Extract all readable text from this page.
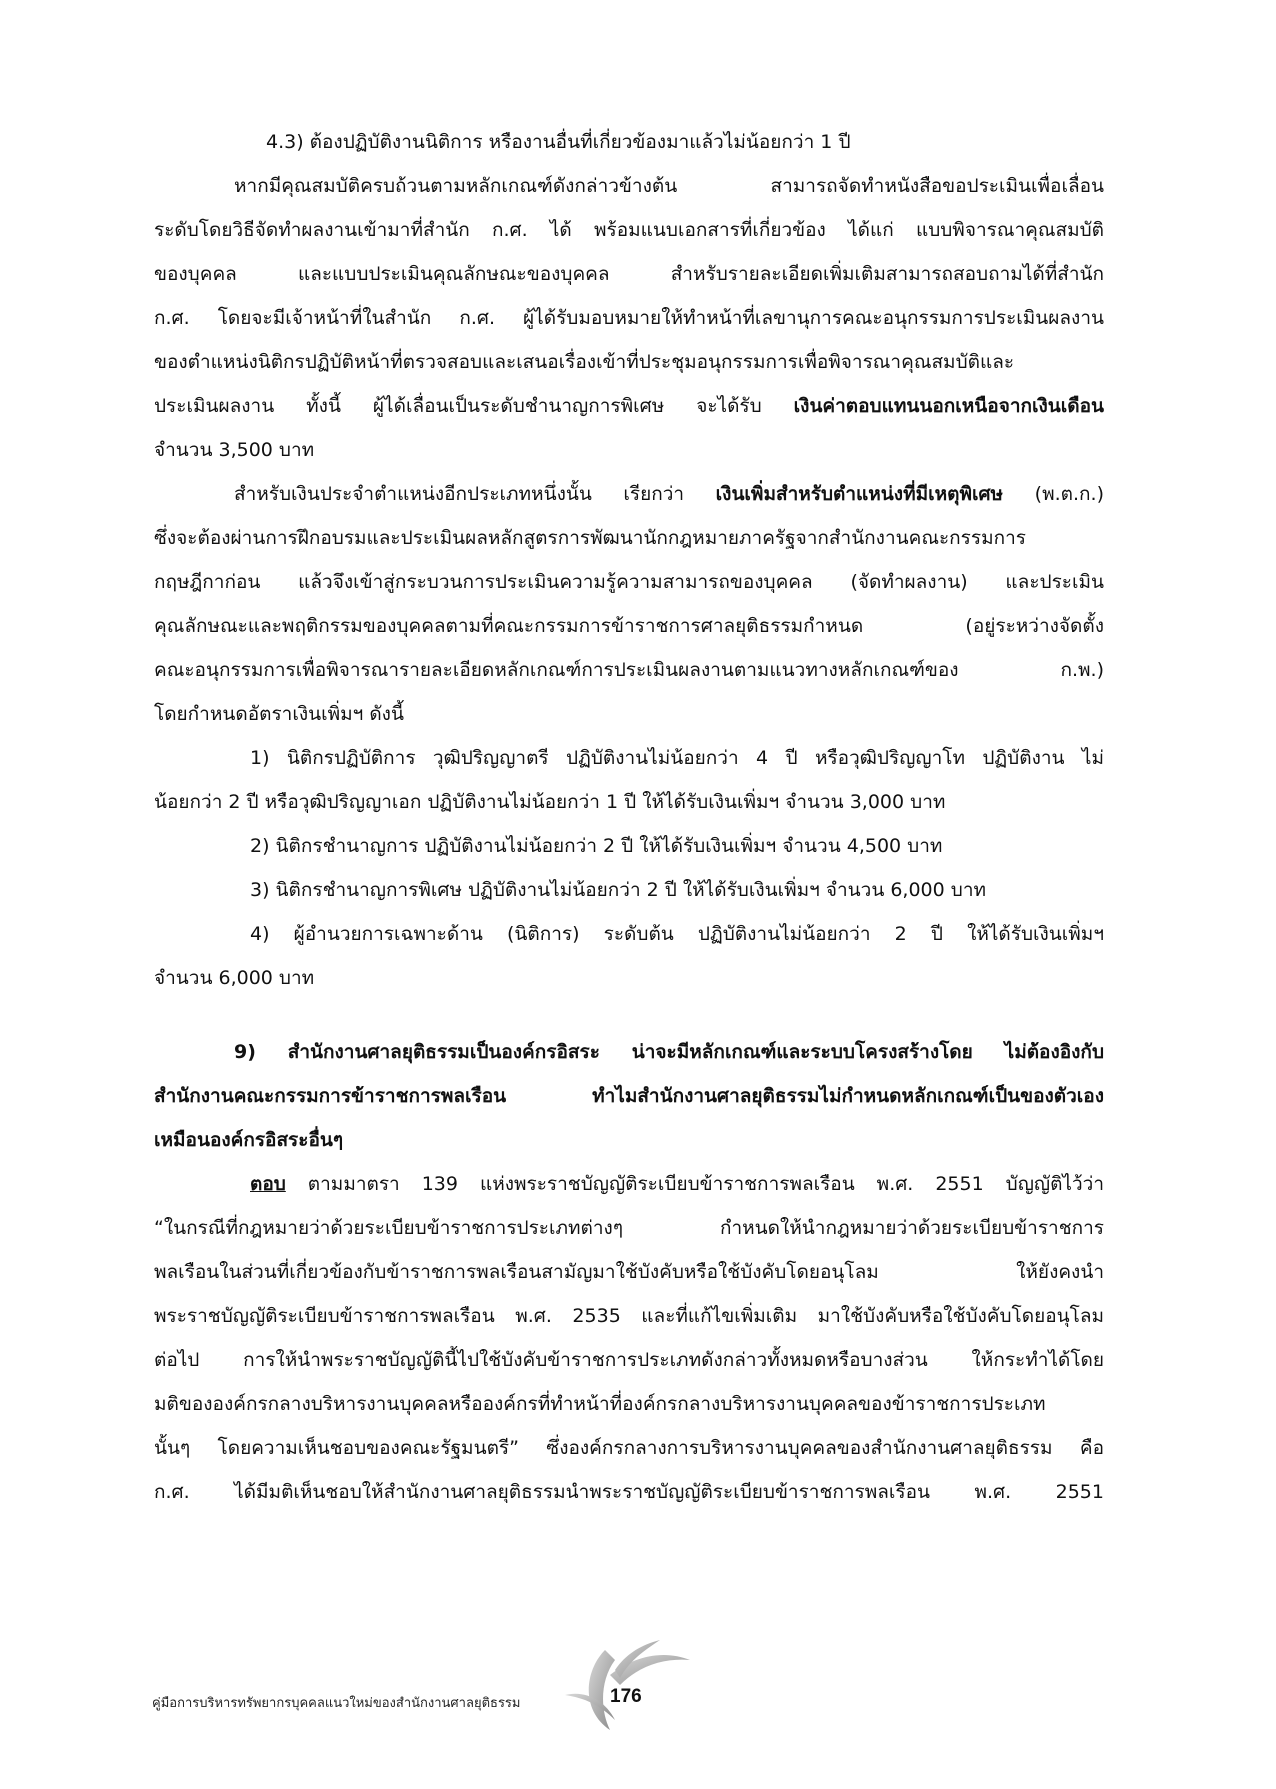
4.3) ต้องปฏิบัติงานนิติการ หรืองานอื่นที่เกี่ยวข้องมาแล้วไม่น้อยกว่า 1 ปี
หากมีคุณสมบัติครบถ้วนตามหลักเกณฑ์ดังกล่าวข้างต้น สามารถจัดทำหนังสือขอประเมินเพื่อเลื่อน
ระดับโดยวิธีจัดทำผลงานเข้ามาที่สำนัก ก.ศ. ได้ พร้อมแนบเอกสารที่เกี่ยวข้อง ได้แก่ แบบพิจารณาคุณสมบัติ
ของบุคคล และแบบประเมินคุณลักษณะของบุคคล สำหรับรายละเอียดเพิ่มเติมสามารถสอบถามได้ที่สำนัก
ก.ศ. โดยจะมีเจ้าหน้าที่ในสำนัก ก.ศ. ผู้ได้รับมอบหมายให้ทำหน้าที่เลขานุการคณะอนุกรรมการประเมินผลงาน
ของตำแหน่งนิติกรปฏิบัติหน้าที่ตรวจสอบและเสนอเรื่องเข้าที่ประชุมอนุกรรมการเพื่อพิจารณาคุณสมบัติและ
ประเมินผลงาน ทั้งนี้ ผู้ได้เลื่อนเป็นระดับชำนาญการพิเศษ จะได้รับ เงินค่าตอบแทนนอกเหนือจากเงินเดือน
จำนวน 3,500 บาท
สำหรับเงินประจำตำแหน่งอีกประเภทหนึ่งนั้น เรียกว่า เงินเพิ่มสำหรับตำแหน่งที่มีเหตุพิเศษ (พ.ต.ก.)
ซึ่งจะต้องผ่านการฝึกอบรมและประเมินผลหลักสูตรการพัฒนานักกฎหมายภาครัฐจากสำนักงานคณะกรรมการ
กฤษฎีกาก่อน แล้วจึงเข้าสู่กระบวนการประเมินความรู้ความสามารถของบุคคล (จัดทำผลงาน) และประเมิน
คุณลักษณะและพฤติกรรมของบุคคลตามที่คณะกรรมการข้าราชการศาลยุติธรรมกำหนด (อยู่ระหว่างจัดตั้ง
คณะอนุกรรมการเพื่อพิจารณารายละเอียดหลักเกณฑ์การประเมินผลงานตามแนวทางหลักเกณฑ์ของ ก.พ.)
โดยกำหนดอัตราเงินเพิ่มฯ ดังนี้
1) นิติกรปฏิบัติการ วุฒิปริญญาตรี ปฏิบัติงานไม่น้อยกว่า 4 ปี หรือวุฒิปริญญาโท ปฏิบัติงาน ไม่
น้อยกว่า 2 ปี หรือวุฒิปริญญาเอก ปฏิบัติงานไม่น้อยกว่า 1 ปี ให้ได้รับเงินเพิ่มฯ จำนวน 3,000 บาท
2) นิติกรชำนาญการ ปฏิบัติงานไม่น้อยกว่า 2 ปี ให้ได้รับเงินเพิ่มฯ จำนวน 4,500 บาท
3) นิติกรชำนาญการพิเศษ ปฏิบัติงานไม่น้อยกว่า 2 ปี ให้ได้รับเงินเพิ่มฯ จำนวน 6,000 บาท
4) ผู้อำนวยการเฉพาะด้าน (นิติการ) ระดับต้น ปฏิบัติงานไม่น้อยกว่า 2 ปี ให้ได้รับเงินเพิ่มฯ
จำนวน 6,000 บาท
9) สำนักงานศาลยุติธรรมเป็นองค์กรอิสระ น่าจะมีหลักเกณฑ์และระบบโครงสร้างโดย ไม่ต้องอิงกับ
สำนักงานคณะกรรมการข้าราชการพลเรือน ทำไมสำนักงานศาลยุติธรรมไม่กำหนดหลักเกณฑ์เป็นของตัวเอง
เหมือนองค์กรอิสระอื่นๆ
ตอบ ตามมาตรา 139 แห่งพระราชบัญญัติระเบียบข้าราชการพลเรือน พ.ศ. 2551 บัญญัติไว้ว่า
“ในกรณีที่กฎหมายว่าด้วยระเบียบข้าราชการประเภทต่างๆ กำหนดให้นำกฎหมายว่าด้วยระเบียบข้าราชการ
พลเรือนในส่วนที่เกี่ยวข้องกับข้าราชการพลเรือนสามัญมาใช้บังคับหรือใช้บังคับโดยอนุโลม ให้ยังคงนำ
พระราชบัญญัติระเบียบข้าราชการพลเรือน พ.ศ. 2535 และที่แก้ไขเพิ่มเติม มาใช้บังคับหรือใช้บังคับโดยอนุโลม
ต่อไป การให้นำพระราชบัญญัตินี้ไปใช้บังคับข้าราชการประเภทดังกล่าวทั้งหมดหรือบางส่วน ให้กระทำได้โดย
มติขององค์กรกลางบริหารงานบุคคลหรือองค์กรที่ทำหน้าที่องค์กรกลางบริหารงานบุคคลของข้าราชการประเภท
นั้นๆ โดยความเห็นชอบของคณะรัฐมนตรี” ซึ่งองค์กรกลางการบริหารงานบุคคลของสำนักงานศาลยุติธรรม คือ
ก.ศ. ได้มีมติเห็นชอบให้สำนักงานศาลยุติธรรมนำพระราชบัญญัติระเบียบข้าราชการพลเรือน พ.ศ. 2551
คู่มือการบริหารทรัพยากรบุคคลแนวใหม่ของสำนักงานศาลยุติธรรม	176
